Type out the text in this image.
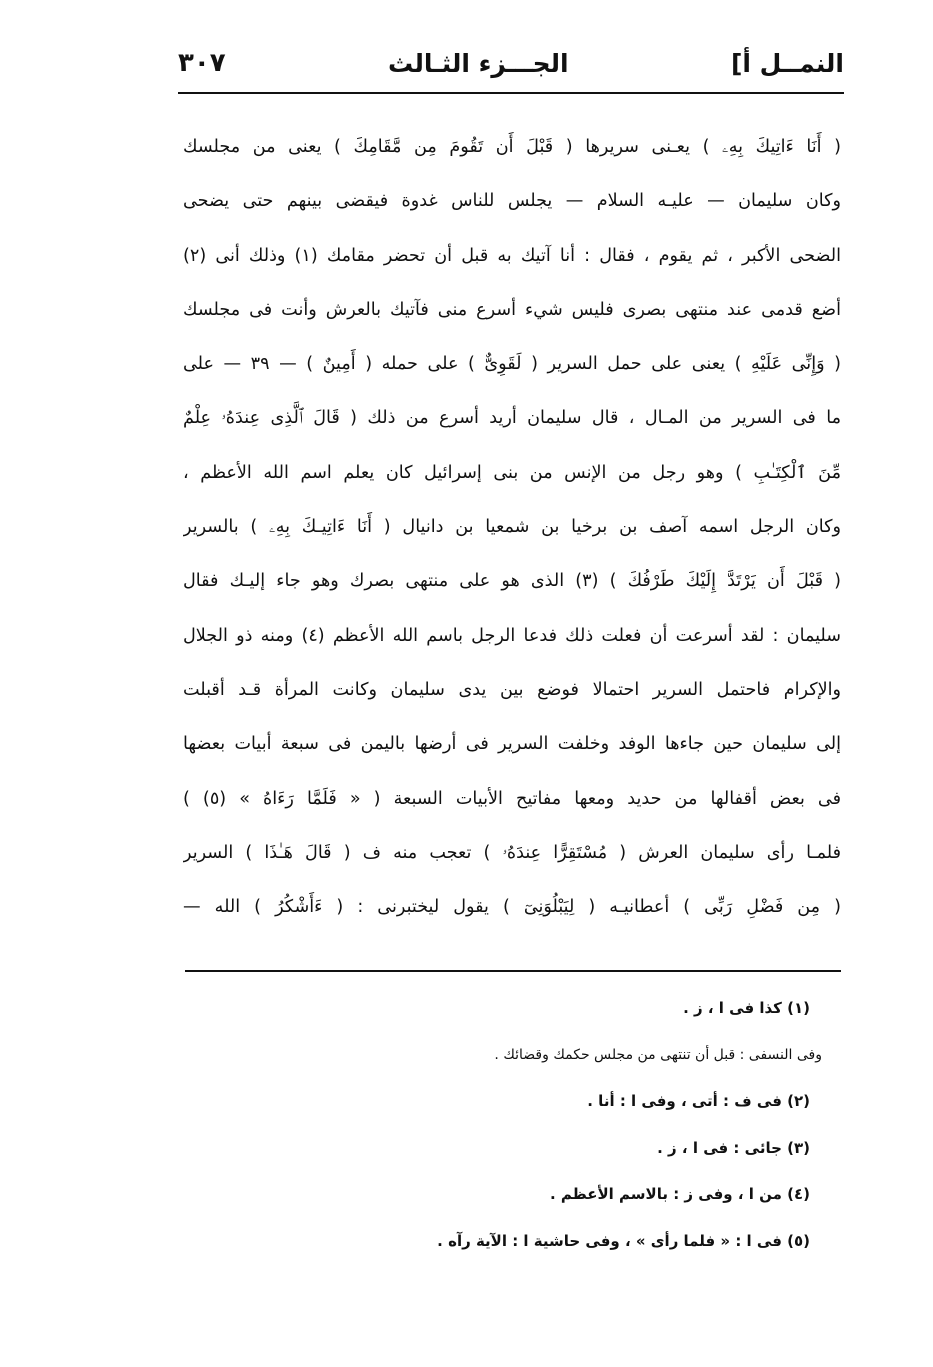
النمــل أ]
الجـــزء الثـالث
٣٠٧
( أَنَا ءَاتِيكَ بِهِۦ ) يعـنى سريرها ( قَبْلَ أَن تَقُومَ مِن مَّقَامِكَ ) يعنى من مجلسك
وكان سليمان — عليـه السلام — يجلس للناس غدوة فيقضى بينهم حتى يضحى
الضحى الأكبر ، ثم يقوم ، فقال : أنا آتيك به قبل أن تحضر مقامك (١) وذلك أنى (٢)
أضع قدمى عند منتهى بصرى فليس شيء أسرع منى فآتيك بالعرش وأنت فى مجلسك
( وَإِنِّى عَلَيْهِ ) يعنى على حمل السرير ( لَقَوِىٌّ ) على حمله ( أَمِينٌ ) — ٣٩ — على
ما فى السرير من المـال ، قال سليمان أريد أسرع من ذلك ( قَالَ ٱلَّذِى عِندَهُۥ عِلْمٌ
مِّنَ ٱلْكِتَـٰبِ ) وهو رجل من الإنس من بنى إسرائيل كان يعلم اسم الله الأعظم ،
وكان الرجل اسمه آصف بن برخيا بن شمعيا بن دانيال ( أَنَا ءَاتِيـكَ بِهِۦ ) بالسرير
( قَبْلَ أَن يَرْتَدَّ إِلَيْكَ طَرْفُكَ ) (٣) الذى هو على منتهى بصرك وهو جاء إليـك فقال
سليمان : لقد أسرعت أن فعلت ذلك فدعا الرجل باسم الله الأعظم (٤) ومنه ذو الجلال
والإكرام فاحتمل السرير احتمالا فوضع بين يدى سليمان وكانت المرأة قـد أقبلت
إلى سليمان حين جاءها الوفد وخلفت السرير فى أرضها باليمن فى سبعة أبيات بعضها
فى بعض أقفالها من حديد ومعها مفاتيح الأبيات السبعة ( « فَلَمَّا رَءَاهُ » (٥) )
فلمـا رأى سليمان العرش ( مُسْتَقِرًّا عِندَهُۥ ) تعجب منه ف ( قَالَ هَـٰذَا ) السرير
( مِن فَضْلِ رَبِّى ) أعطانيـه ( لِيَبْلُوَنِىٓ ) يقول ليختبرنى : ( ءَأَشْكُرُ ) الله —
(١) كذا فى ا ، ز .
وفى النسفى : قبل أن تنتهى من مجلس حكمك وقضائك .
(٢) فى ف : أتى ، وفى ا : أنا .
(٣) جائى : فى ا ، ز .
(٤) من ا ، وفى ز : بالاسم الأعظم .
(٥) فى ا : « فلما رأى » ، وفى حاشية ا : الآية رآه .
